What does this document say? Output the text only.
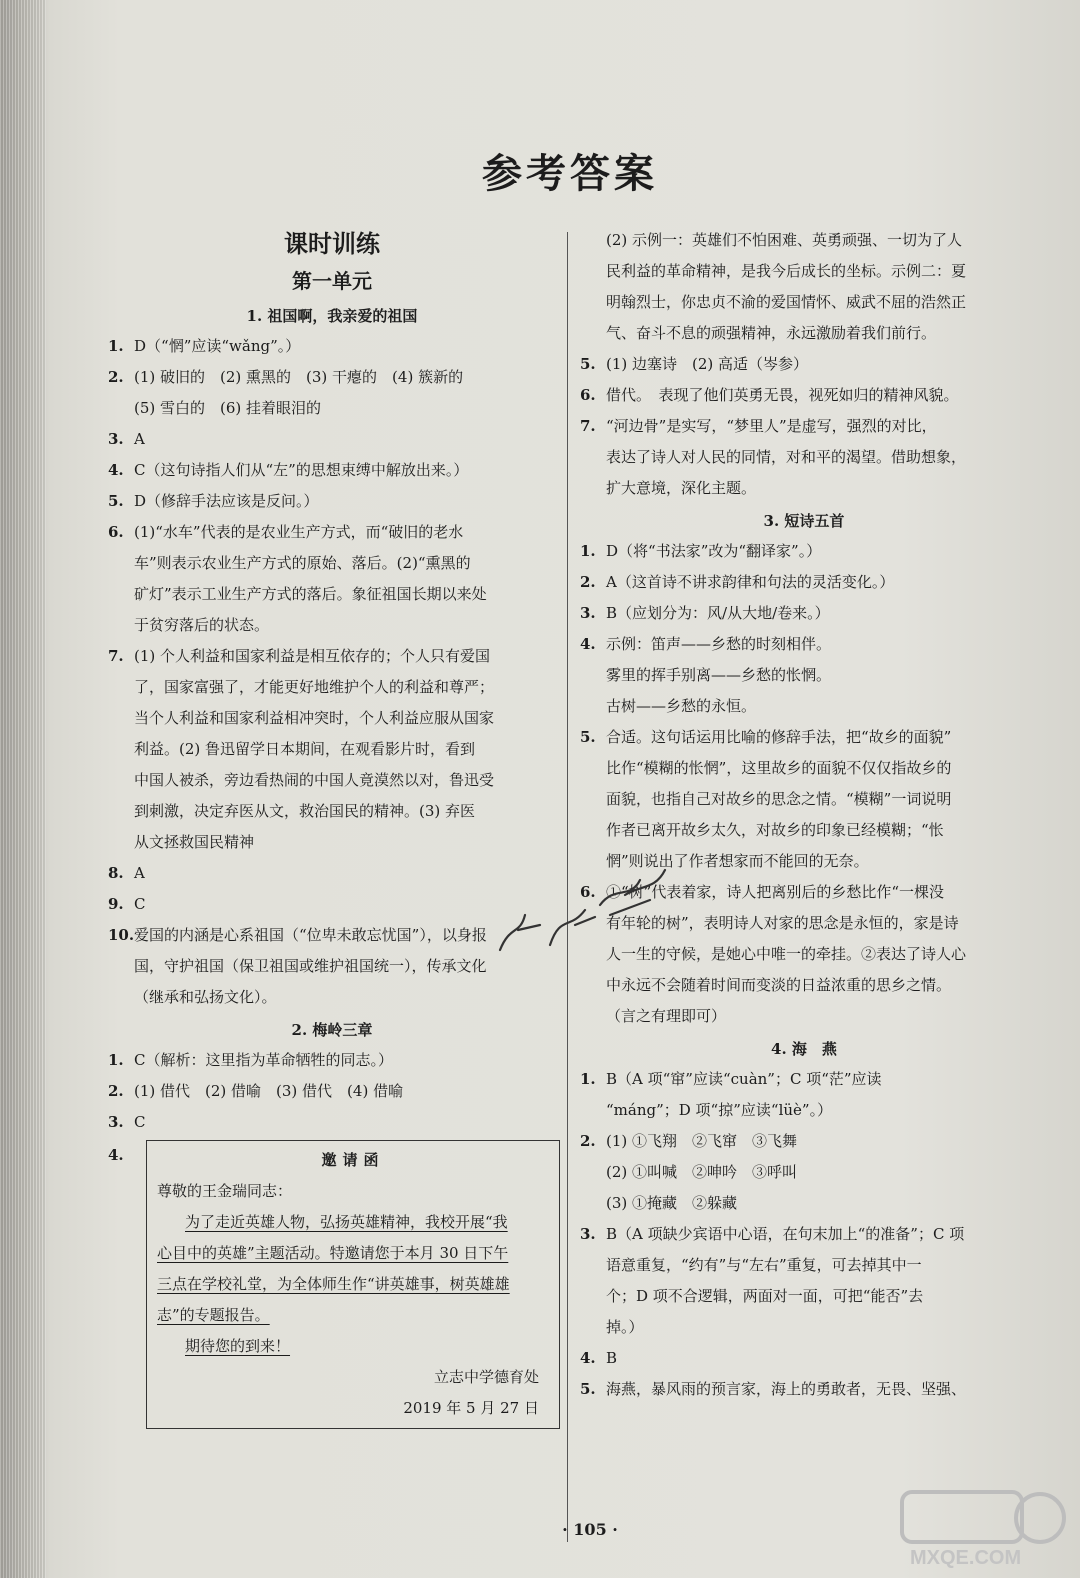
参考答案
课时训练
第一单元
1. 祖国啊，我亲爱的祖国
1. D（“惘”应读“wǎng”。）
2. (1) 破旧的　(2) 熏黑的　(3) 干瘪的　(4) 簇新的
(5) 雪白的　(6) 挂着眼泪的
3. A
4. C（这句诗指人们从“左”的思想束缚中解放出来。）
5. D（修辞手法应该是反问。）
6. (1)“水车”代表的是农业生产方式，而“破旧的老水
车”则表示农业生产方式的原始、落后。(2)“熏黑的
矿灯”表示工业生产方式的落后。象征祖国长期以来处
于贫穷落后的状态。
7. (1) 个人利益和国家利益是相互依存的；个人只有爱国
了，国家富强了，才能更好地维护个人的利益和尊严；
当个人利益和国家利益相冲突时，个人利益应服从国家
利益。(2) 鲁迅留学日本期间，在观看影片时，看到
中国人被杀，旁边看热闹的中国人竟漠然以对，鲁迅受
到刺激，决定弃医从文，救治国民的精神。(3) 弃医
从文拯救国民精神
8. A
9. C
10. 爱国的内涵是心系祖国（“位卑未敢忘忧国”），以身报
国，守护祖国（保卫祖国或维护祖国统一），传承文化
（继承和弘扬文化）。
2. 梅岭三章
1. C（解析：这里指为革命牺牲的同志。）
2. (1) 借代　(2) 借喻　(3) 借代　(4) 借喻
3. C
4.	邀请函
尊敬的王金瑞同志：
为了走近英雄人物，弘扬英雄精神，我校开展“我
心目中的英雄”主题活动。特邀请您于本月 30 日下午
三点在学校礼堂，为全体师生作“讲英雄事，树英雄雄
志”的专题报告。
期待您的到来！
立志中学德育处
2019 年 5 月 27 日
(2) 示例一：英雄们不怕困难、英勇顽强、一切为了人
民利益的革命精神，是我今后成长的坐标。示例二：夏
明翰烈士，你忠贞不渝的爱国情怀、威武不屈的浩然正
气、奋斗不息的顽强精神，永远激励着我们前行。
5. (1) 边塞诗　(2) 高适（岑参）
6. 借代。　表现了他们英勇无畏，视死如归的精神风貌。
7. “河边骨”是实写，“梦里人”是虚写，强烈的对比，
表达了诗人对人民的同情，对和平的渴望。借助想象，
扩大意境，深化主题。
3. 短诗五首
1. D（将“书法家”改为“翻译家”。）
2. A（这首诗不讲求韵律和句法的灵活变化。）
3. B（应划分为：风/从大地/卷来。）
4. 示例：笛声——乡愁的时刻相伴。
雾里的挥手别离——乡愁的怅惘。
古树——乡愁的永恒。
5. 合适。这句话运用比喻的修辞手法，把“故乡的面貌”
比作“模糊的怅惘”，这里故乡的面貌不仅仅指故乡的
面貌，也指自己对故乡的思念之情。“模糊”一词说明
作者已离开故乡太久，对故乡的印象已经模糊；“怅
惘”则说出了作者想家而不能回的无奈。
6. ①“树”代表着家，诗人把离别后的乡愁比作“一棵没
有年轮的树”，表明诗人对家的思念是永恒的，家是诗
人一生的守候，是她心中唯一的牵挂。②表达了诗人心
中永远不会随着时间而变淡的日益浓重的思乡之情。
（言之有理即可）
4. 海　燕
1. B（A 项“窜”应读“cuàn”；C 项“茫”应读
“máng”；D 项“掠”应读“lüè”。）
2. (1) ①飞翔　②飞窜　③飞舞
(2) ①叫喊　②呻吟　③呼叫
(3) ①掩藏　②躲藏
3. B（A 项缺少宾语中心语，在句末加上“的准备”；C 项
语意重复，“约有”与“左右”重复，可去掉其中一
个；D 项不合逻辑，两面对一面，可把“能否”去
掉。）
4. B
5. 海燕，暴风雨的预言家，海上的勇敢者，无畏、坚强、
· 105 ·
MXQE.COM
